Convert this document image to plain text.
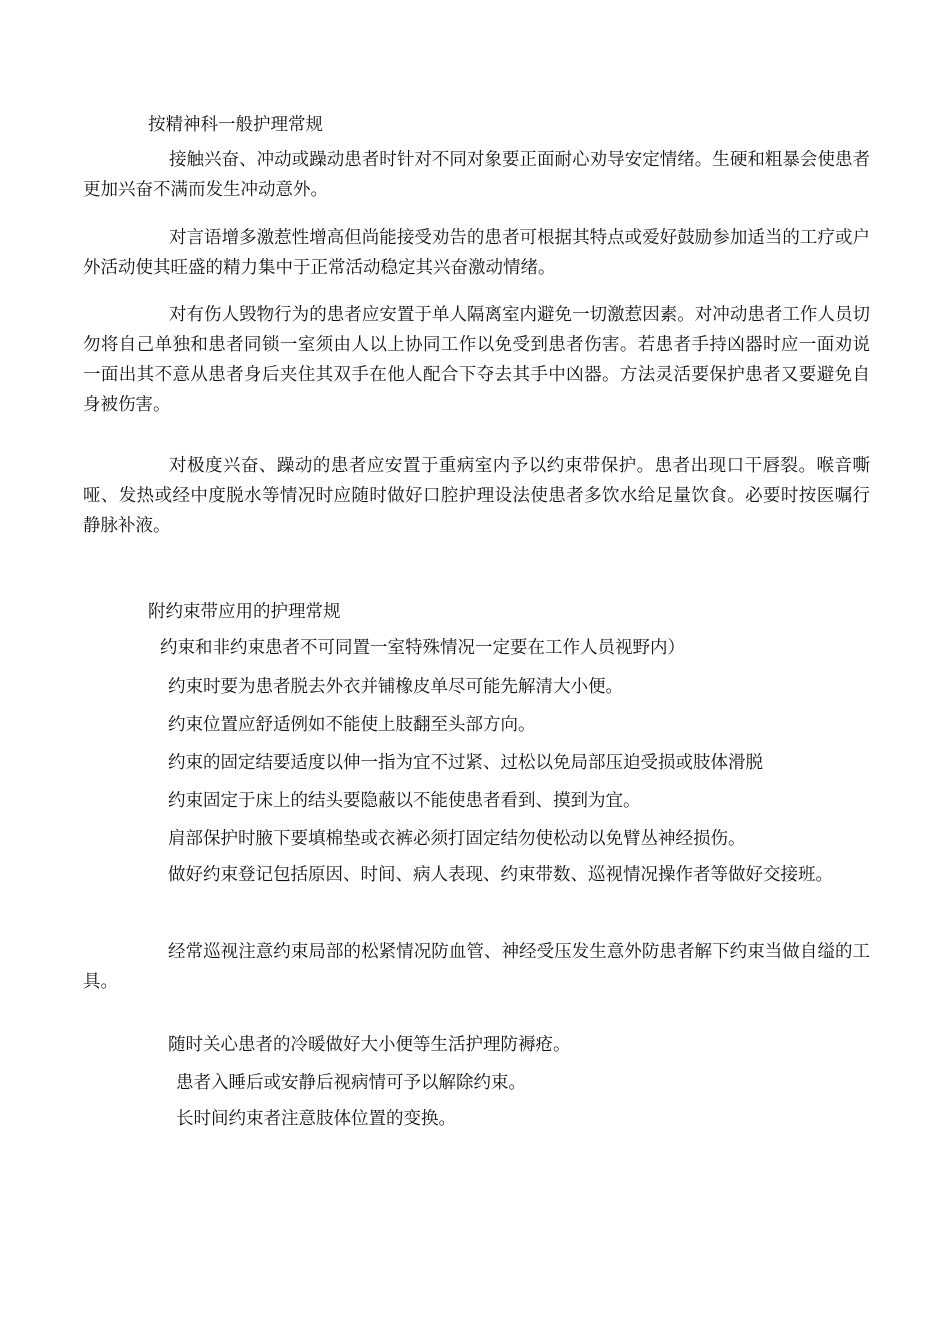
按精神科一般护理常规
接触兴奋、冲动或躁动患者时针对不同对象要正面耐心劝导安定情绪。生硬和粗暴会使患者更加兴奋不满而发生冲动意外。
对言语增多激惹性增高但尚能接受劝告的患者可根据其特点或爱好鼓励参加适当的工疗或户外活动使其旺盛的精力集中于正常活动稳定其兴奋激动情绪。
对有伤人毁物行为的患者应安置于单人隔离室内避免一切激惹因素。对冲动患者工作人员切勿将自己单独和患者同锁一室须由人以上协同工作以免受到患者伤害。若患者手持凶器时应一面劝说一面出其不意从患者身后夹住其双手在他人配合下夺去其手中凶器。方法灵活要保护患者又要避免自身被伤害。
对极度兴奋、躁动的患者应安置于重病室内予以约束带保护。患者出现口干唇裂。喉音嘶哑、发热或经中度脱水等情况时应随时做好口腔护理设法使患者多饮水给足量饮食。必要时按医嘱行静脉补液。
附约束带应用的护理常规
约束和非约束患者不可同置一室特殊情况一定要在工作人员视野内）
约束时要为患者脱去外衣并铺橡皮单尽可能先解清大小便。
约束位置应舒适例如不能使上肢翻至头部方向。
约束的固定结要适度以伸一指为宜不过紧、过松以免局部压迫受损或肢体滑脱
约束固定于床上的结头要隐蔽以不能使患者看到、摸到为宜。
肩部保护时腋下要填棉垫或衣裤必须打固定结勿使松动以免臂丛神经损伤。
做好约束登记包括原因、时间、病人表现、约束带数、巡视情况操作者等做好交接班。
经常巡视注意约束局部的松紧情况防血管、神经受压发生意外防患者解下约束当做自缢的工具。
随时关心患者的冷暖做好大小便等生活护理防褥疮。
患者入睡后或安静后视病情可予以解除约束。
长时间约束者注意肢体位置的变换。
